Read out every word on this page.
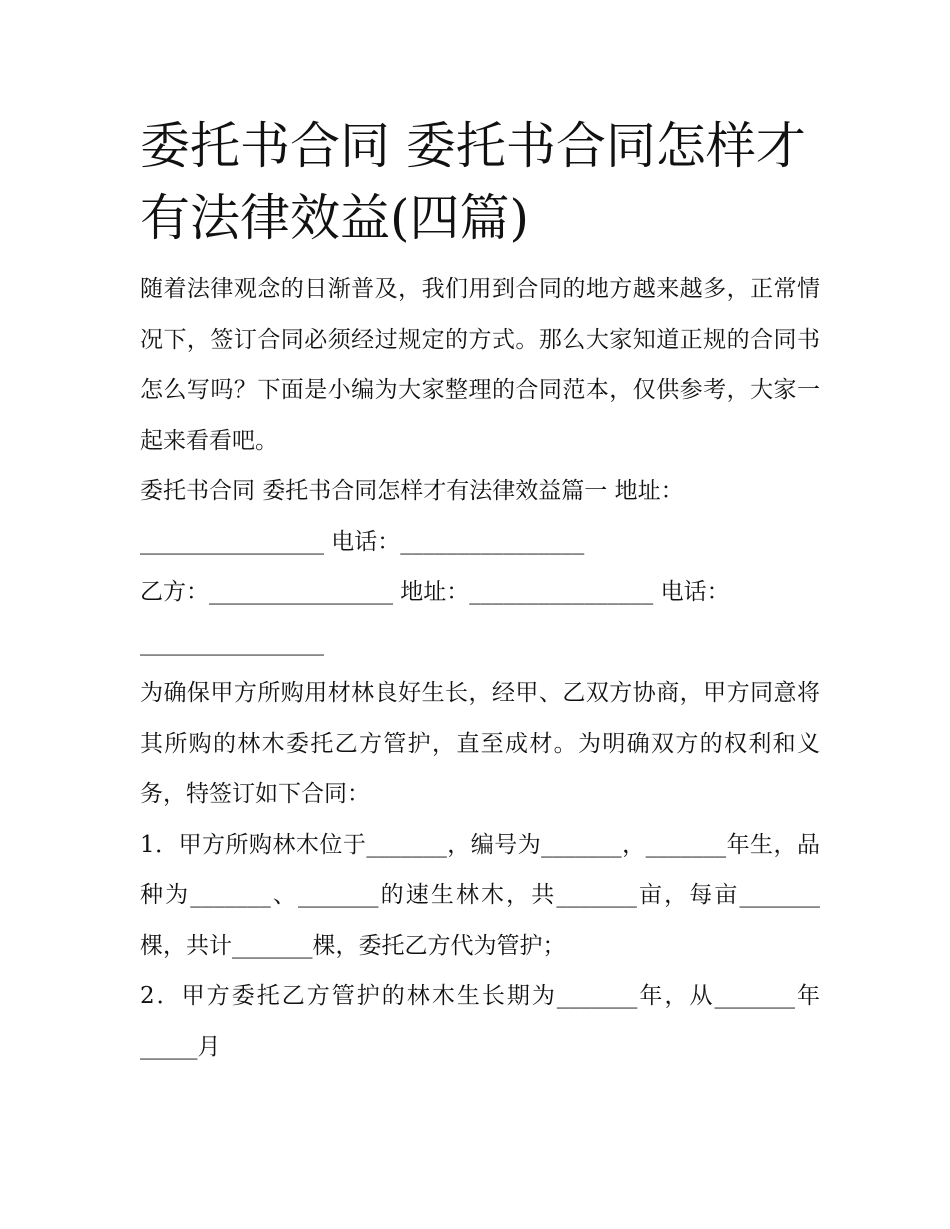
委托书合同 委托书合同怎样才有法律效益(四篇)

随着法律观念的日渐普及，我们用到合同的地方越来越多，正常情况下，签订合同必须经过规定的方式。那么大家知道正规的合同书怎么写吗？下面是小编为大家整理的合同范本，仅供参考，大家一起来看看吧。

委托书合同 委托书合同怎样才有法律效益篇一 地址：

________________ 电话：________________

乙方：________________ 地址：________________ 电话：

________________

为确保甲方所购用材林良好生长，经甲、乙双方协商，甲方同意将其所购的林木委托乙方管护，直至成材。为明确双方的权利和义务，特签订如下合同：

1．甲方所购林木位于_______，编号为_______，_______年生，品种为_______、_______的速生林木，共_______亩，每亩_______棵，共计_______棵，委托乙方代为管护；

2．甲方委托乙方管护的林木生长期为_______年，从_______年_____月
